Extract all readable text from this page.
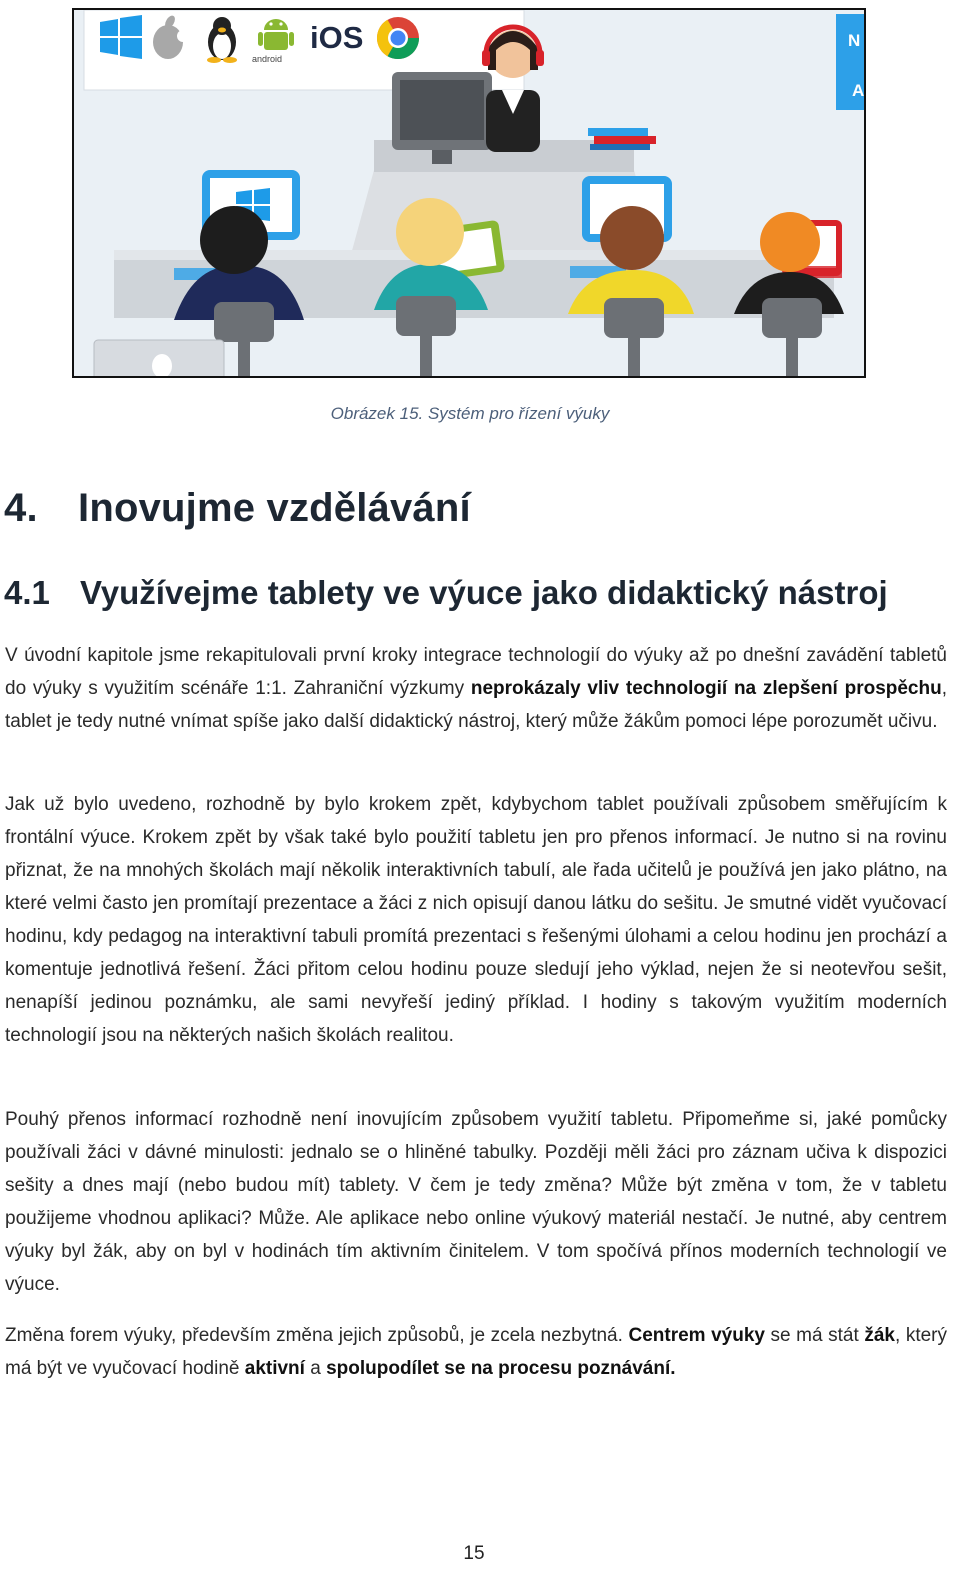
N
A
android
iOS
Obrázek 15. Systém pro řízení výuky
4. Inovujme vzdělávání
4.1 Využívejme tablety ve výuce jako didaktický nástroj

V úvodní kapitole jsme rekapitulovali první kroky integrace technologií do výuky až po dnešní zavádění tabletů do výuky s využitím scénáře 1:1. Zahraniční výzkumy neprokázaly vliv technologií na zlepšení prospěchu, tablet je tedy nutné vnímat spíše jako další didaktický nástroj, který může žákům pomoci lépe porozumět učivu.

Jak už bylo uvedeno, rozhodně by bylo krokem zpět, kdybychom tablet používali způsobem směřujícím k frontální výuce. Krokem zpět by však také bylo použití tabletu jen pro přenos informací. Je nutno si na rovinu přiznat, že na mnohých školách mají několik interaktivních tabulí, ale řada učitelů je používá jen jako plátno, na které velmi často jen promítají prezentace a žáci z nich opisují danou látku do sešitu. Je smutné vidět vyučovací hodinu, kdy pedagog na interaktivní tabuli promítá prezentaci s řešenými úlohami a celou hodinu jen prochází a komentuje jednotlivá řešení. Žáci přitom celou hodinu pouze sledují jeho výklad, nejen že si neotevřou sešit, nenapíší jedinou poznámku, ale sami nevyřeší jediný příklad. I hodiny s takovým využitím moderních technologií jsou na některých našich školách realitou.

Pouhý přenos informací rozhodně není inovujícím způsobem využití tabletu. Připomeňme si, jaké pomůcky používali žáci v dávné minulosti: jednalo se o hliněné tabulky. Později měli žáci pro záznam učiva k dispozici sešity a dnes mají (nebo budou mít) tablety. V čem je tedy změna? Může být změna v tom, že v tabletu použijeme vhodnou aplikaci? Může. Ale aplikace nebo online výukový materiál nestačí. Je nutné, aby centrem výuky byl žák, aby on byl v hodinách tím aktivním činitelem. V tom spočívá přínos moderních technologií ve výuce.

Změna forem výuky, především změna jejich způsobů, je zcela nezbytná. Centrem výuky se má stát žák, který má být ve vyučovací hodině aktivní a spolupodílet se na procesu poznávání.

15
